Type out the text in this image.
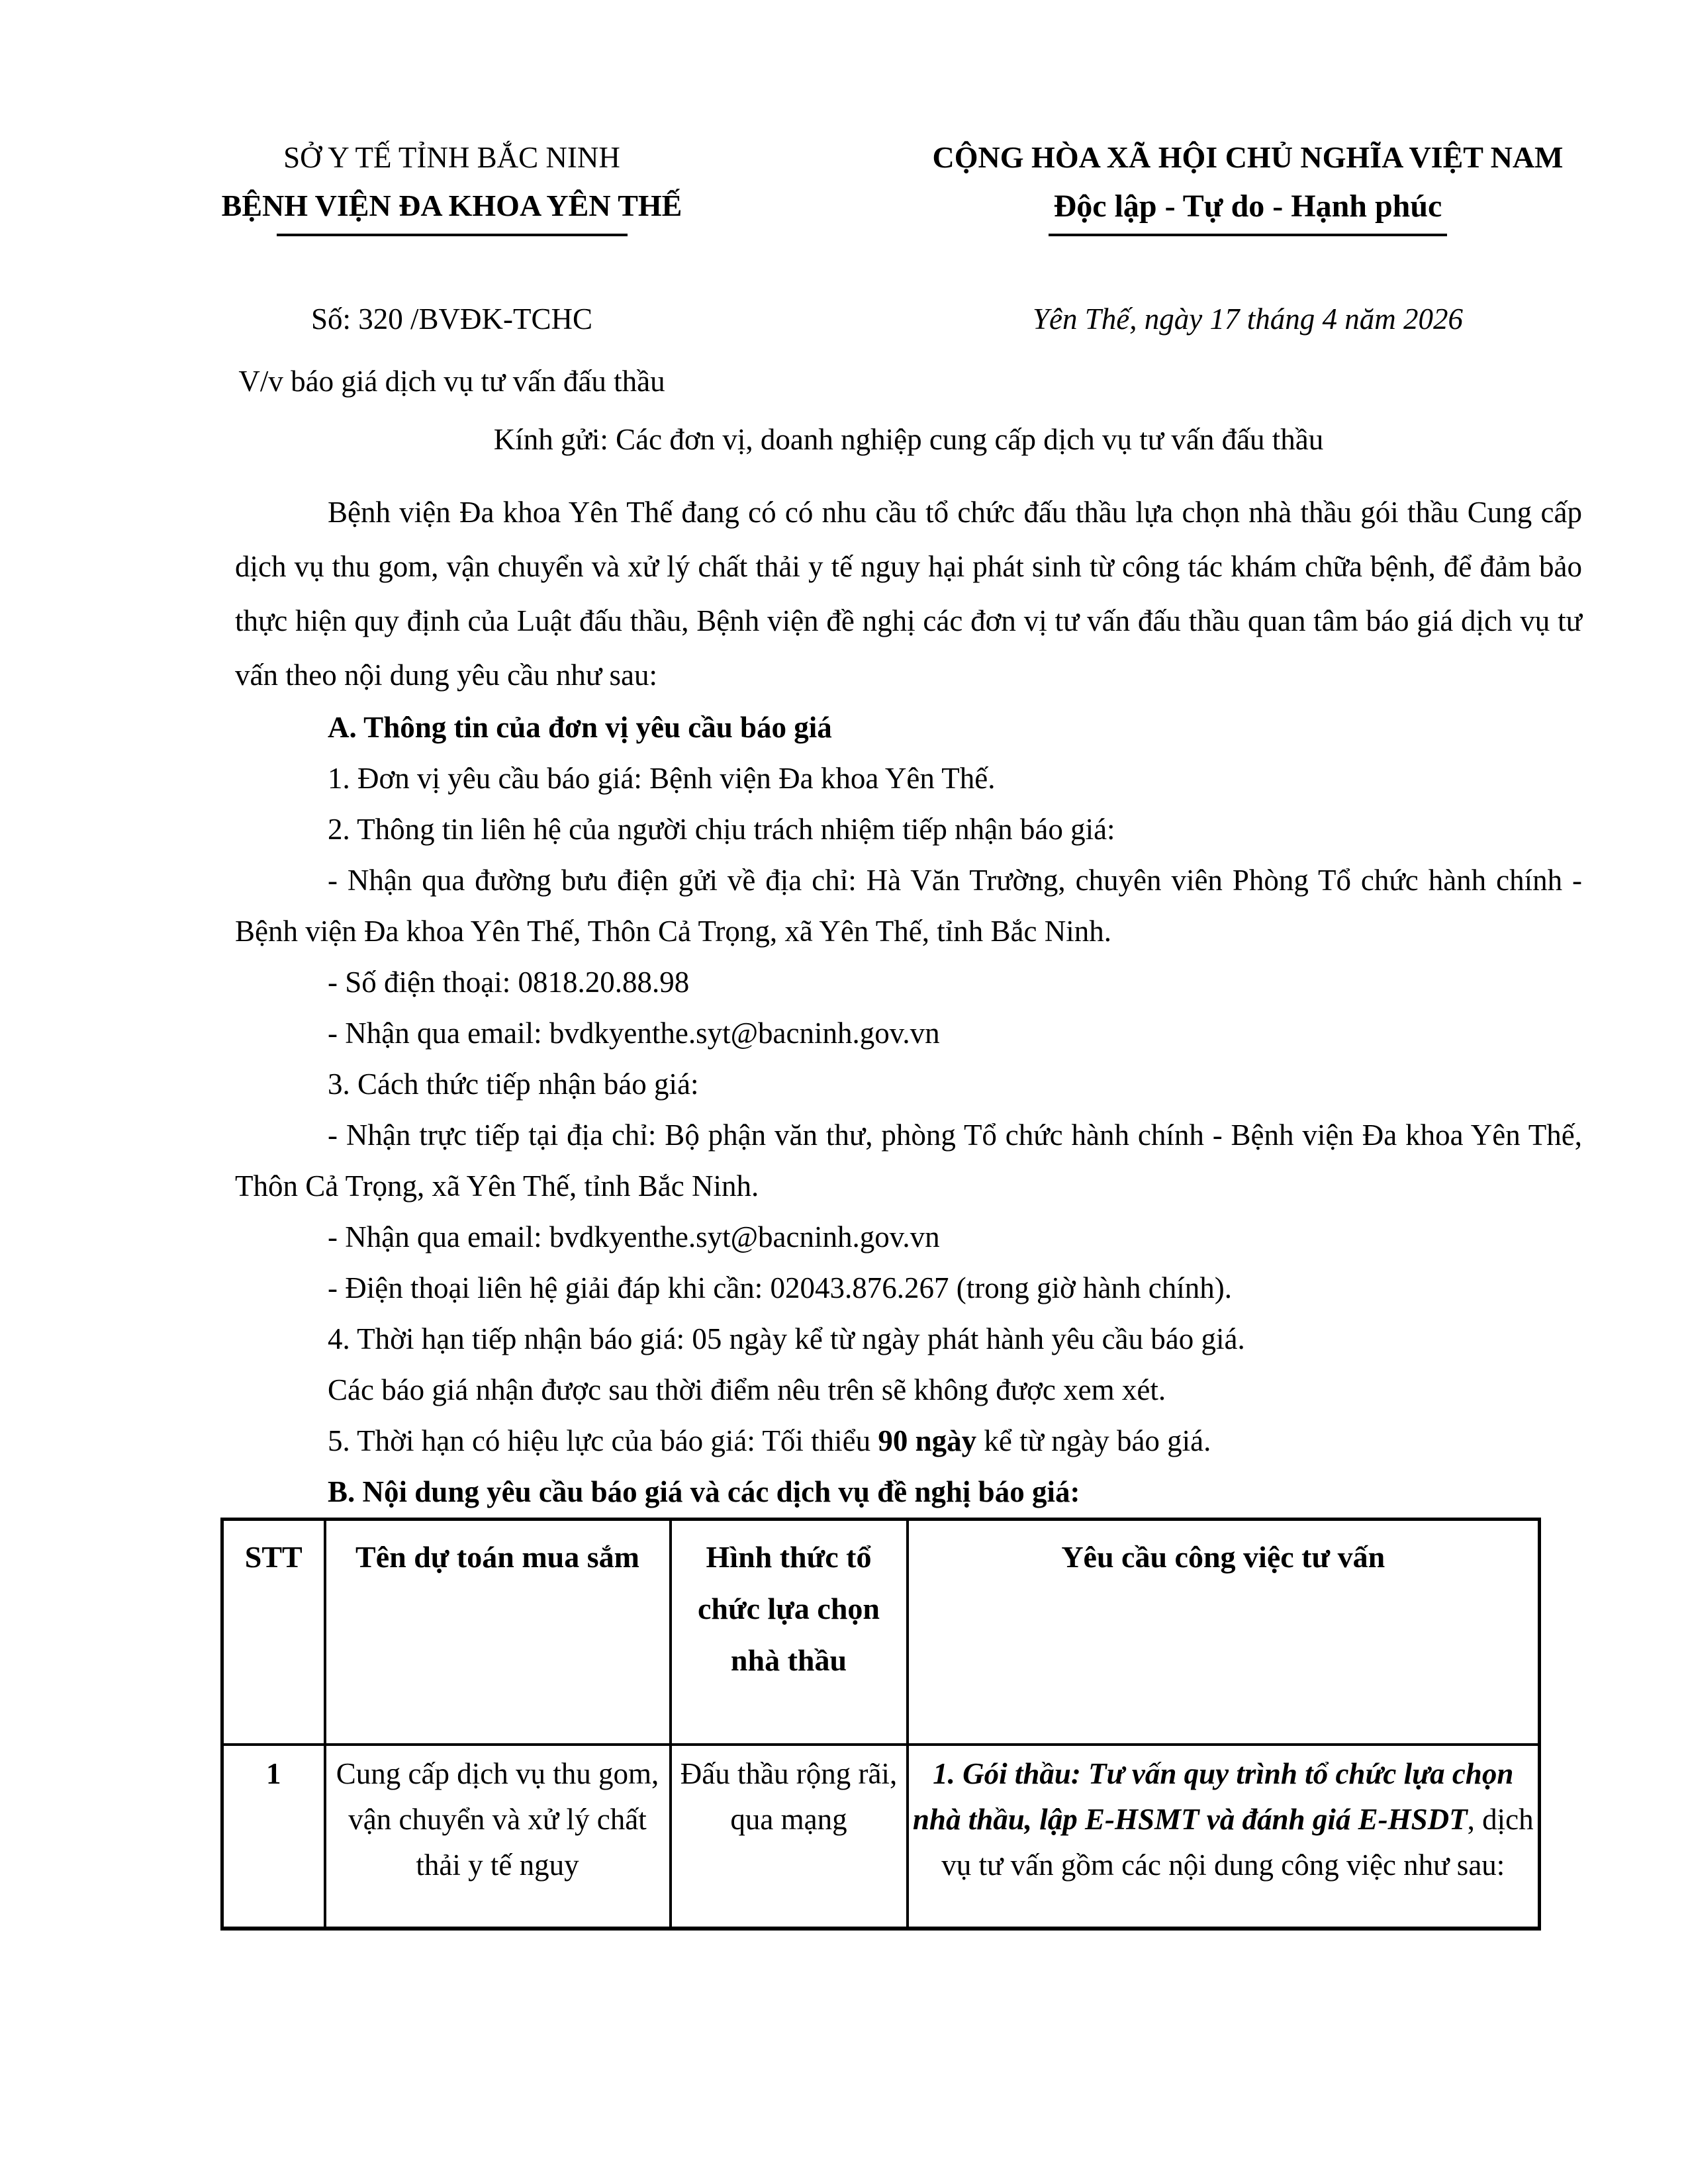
SỞ Y TẾ TỈNH BẮC NINH
BỆNH VIỆN ĐA KHOA YÊN THẾ
CỘNG HÒA XÃ HỘI CHỦ NGHĨA VIỆT NAM
Độc lập - Tự do - Hạnh phúc

Số: 320 /BVĐK-TCHC

V/v báo giá dịch vụ tư vấn đấu thầu

Yên Thế, ngày 17 tháng 4 năm 2026

Kính gửi: Các đơn vị, doanh nghiệp cung cấp dịch vụ tư vấn đấu thầu

Bệnh viện Đa khoa Yên Thế đang có có nhu cầu tổ chức đấu thầu lựa chọn nhà thầu gói thầu Cung cấp dịch vụ thu gom, vận chuyển và xử lý chất thải y tế nguy hại phát sinh từ công tác khám chữa bệnh, để đảm bảo thực hiện quy định của Luật đấu thầu, Bệnh viện đề nghị các đơn vị tư vấn đấu thầu quan tâm báo giá dịch vụ tư vấn theo nội dung yêu cầu như sau:

A. Thông tin của đơn vị yêu cầu báo giá

1. Đơn vị yêu cầu báo giá: Bệnh viện Đa khoa Yên Thế.

2. Thông tin liên hệ của người chịu trách nhiệm tiếp nhận báo giá:

- Nhận qua đường bưu điện gửi về địa chỉ: Hà Văn Trường, chuyên viên Phòng Tổ chức hành chính - Bệnh viện Đa khoa Yên Thế, Thôn Cả Trọng, xã Yên Thế, tỉnh Bắc Ninh.

- Số điện thoại: 0818.20.88.98

- Nhận qua email: bvdkyenthe.syt@bacninh.gov.vn

3. Cách thức tiếp nhận báo giá:

- Nhận trực tiếp tại địa chỉ: Bộ phận văn thư, phòng Tổ chức hành chính - Bệnh viện Đa khoa Yên Thế, Thôn Cả Trọng, xã Yên Thế, tỉnh Bắc Ninh.

- Nhận qua email: bvdkyenthe.syt@bacninh.gov.vn

- Điện thoại liên hệ giải đáp khi cần: 02043.876.267 (trong giờ hành chính).

4. Thời hạn tiếp nhận báo giá: 05 ngày kể từ ngày phát hành yêu cầu báo giá.

Các báo giá nhận được sau thời điểm nêu trên sẽ không được xem xét.

5. Thời hạn có hiệu lực của báo giá: Tối thiểu 90 ngày kể từ ngày báo giá.

B. Nội dung yêu cầu báo giá và các dịch vụ đề nghị báo giá:

STT	Tên dự toán mua sắm	Hình thức tổ chức lựa chọn nhà thầu	Yêu cầu công việc tư vấn
1	Cung cấp dịch vụ thu gom, vận chuyển và xử lý chất thải y tế nguy	Đấu thầu rộng rãi, qua mạng	1. Gói thầu: Tư vấn quy trình tổ chức lựa chọn nhà thầu, lập E-HSMT và đánh giá E-HSDT, dịch vụ tư vấn gồm các nội dung công việc như sau:
